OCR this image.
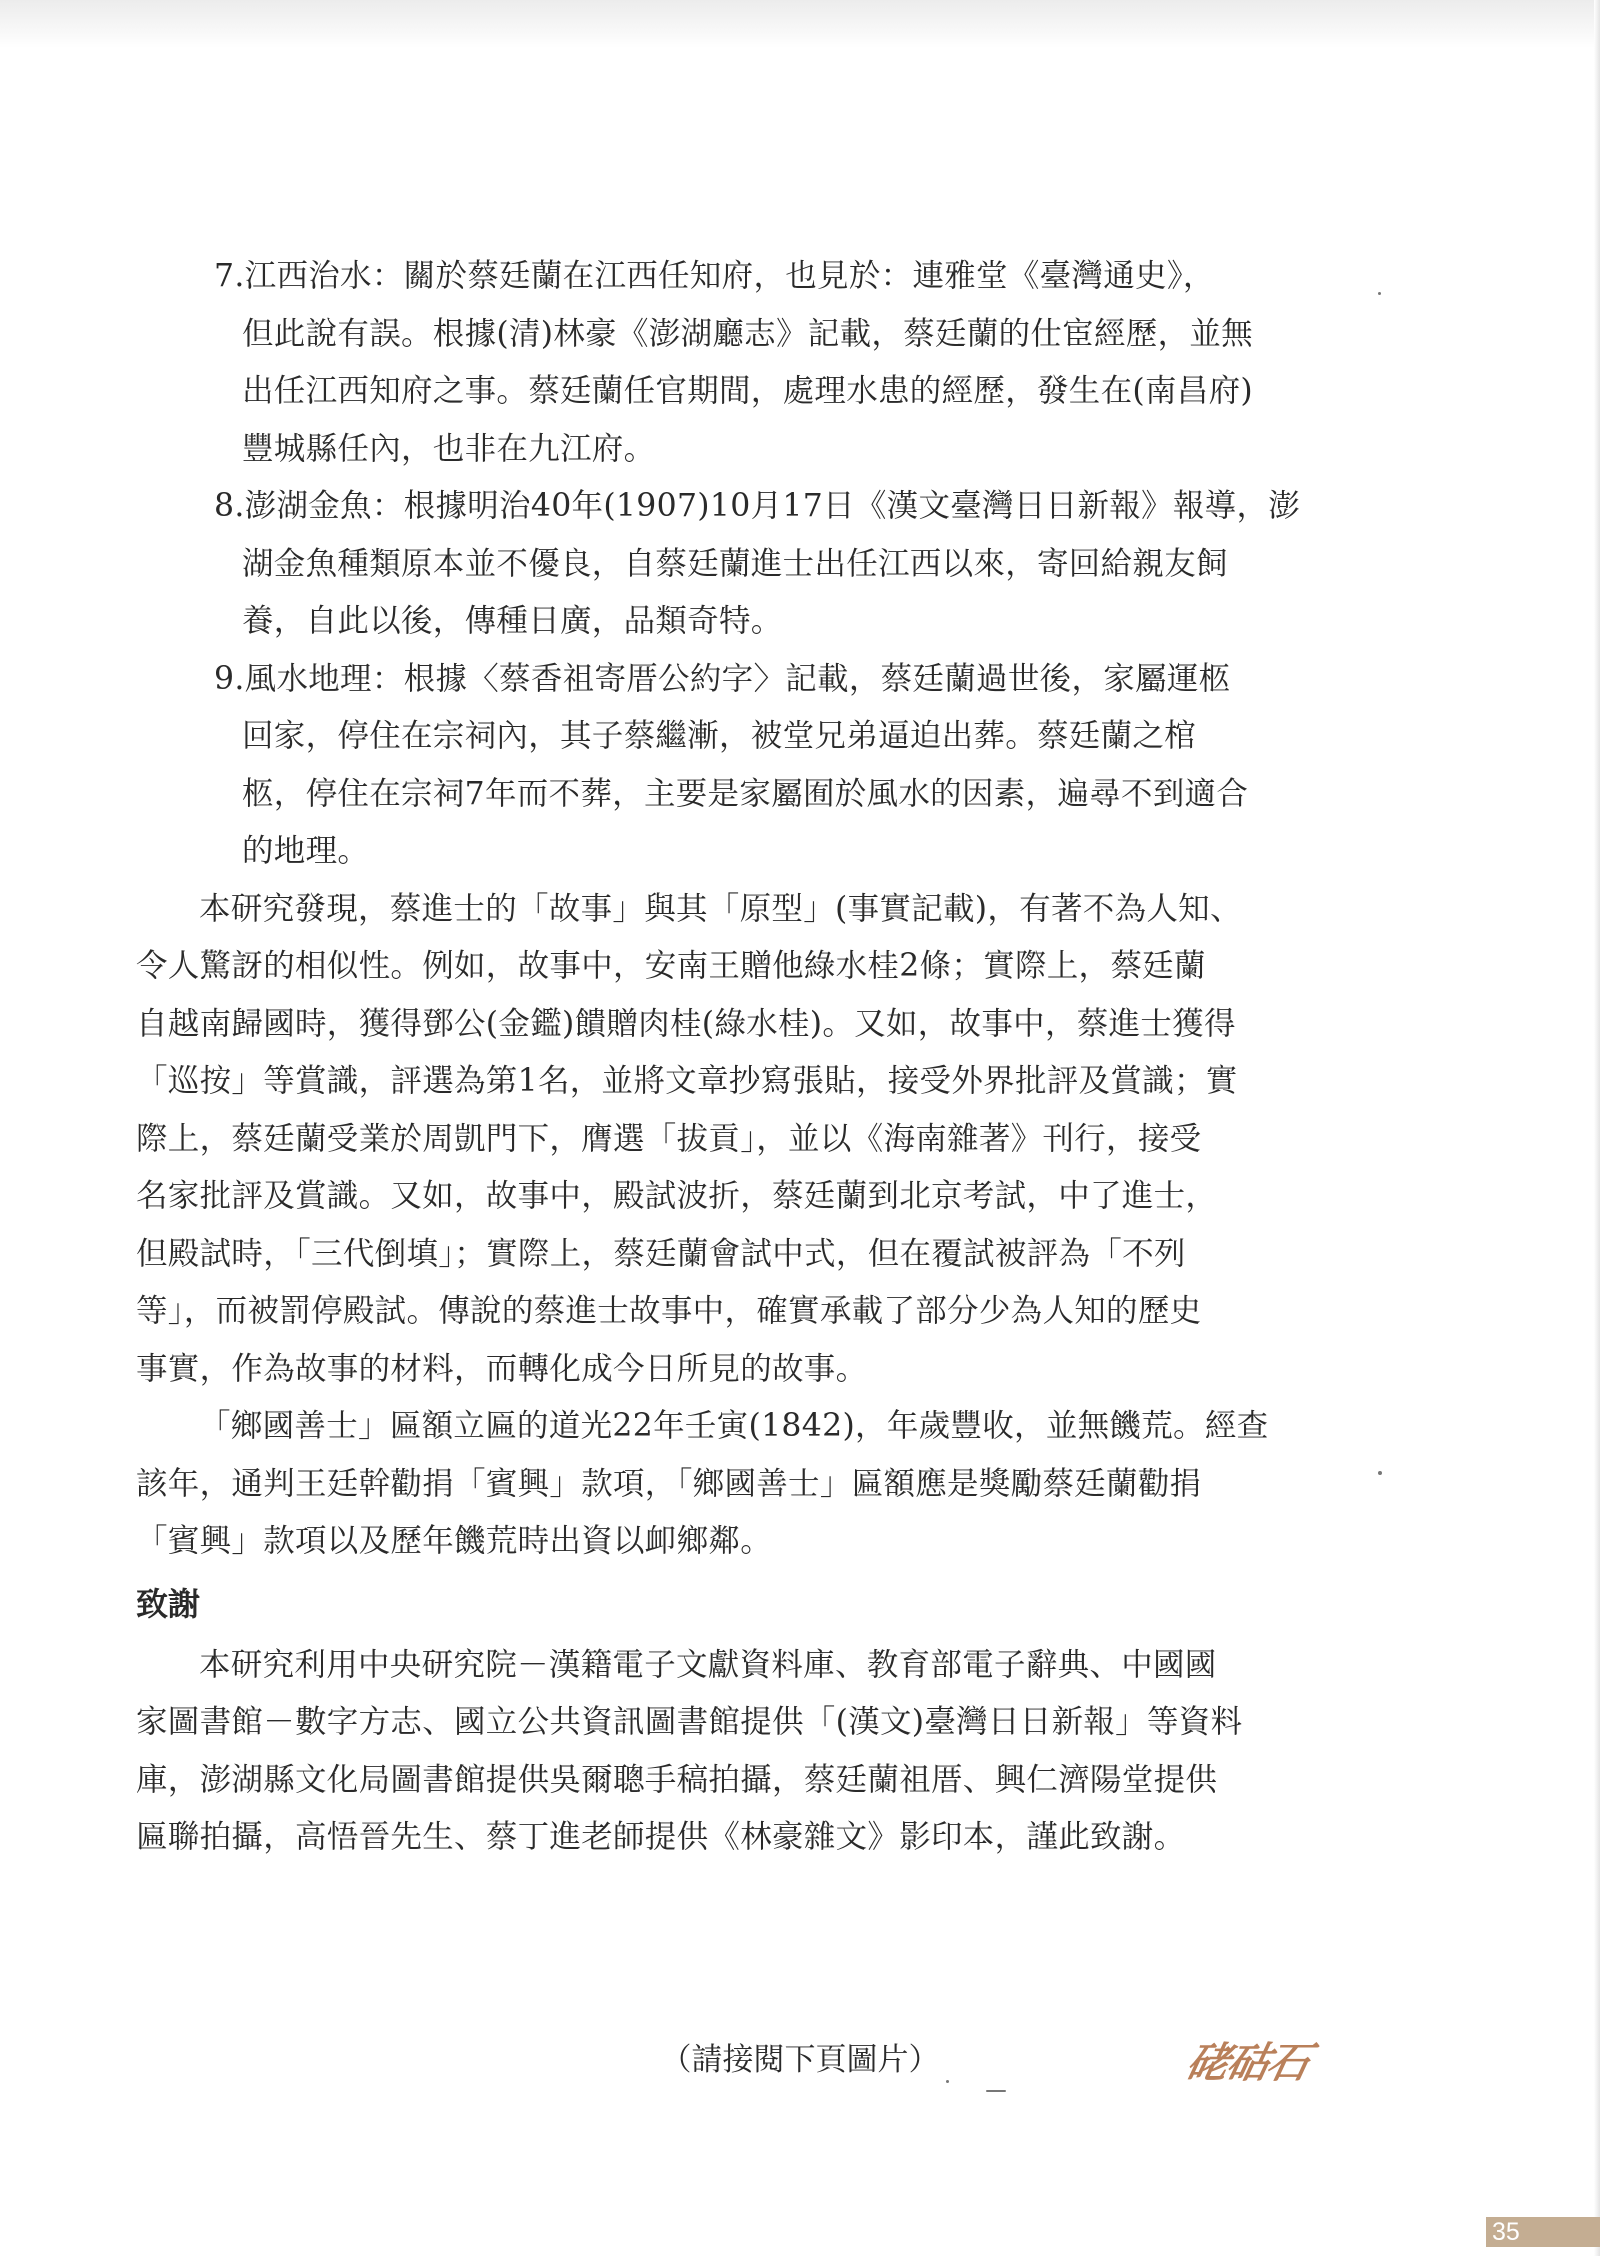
7.江西治水：關於蔡廷蘭在江西任知府，也見於：連雅堂《臺灣通史》，

但此說有誤。根據(清)林豪《澎湖廳志》記載，蔡廷蘭的仕宦經歷，並無

出任江西知府之事。蔡廷蘭任官期間，處理水患的經歷，發生在(南昌府)

豐城縣任內，也非在九江府。

8.澎湖金魚：根據明治40年(1907)10月17日《漢文臺灣日日新報》報導，澎

湖金魚種類原本並不優良，自蔡廷蘭進士出任江西以來，寄回給親友飼

養，自此以後，傳種日廣，品類奇特。

9.風水地理：根據〈蔡香祖寄厝公約字〉記載，蔡廷蘭過世後，家屬運柩

回家，停住在宗祠內，其子蔡繼漸，被堂兄弟逼迫出葬。蔡廷蘭之棺

柩，停住在宗祠7年而不葬，主要是家屬囿於風水的因素，遍尋不到適合

的地理。

本研究發現，蔡進士的「故事」與其「原型」(事實記載)，有著不為人知、

令人驚訝的相似性。例如，故事中，安南王贈他綠水桂2條；實際上，蔡廷蘭

自越南歸國時，獲得鄧公(金鑑)饋贈肉桂(綠水桂)。又如，故事中，蔡進士獲得

「巡按」等賞識，評選為第1名，並將文章抄寫張貼，接受外界批評及賞識；實

際上，蔡廷蘭受業於周凱門下，膺選「拔貢」，並以《海南雜著》刊行，接受

名家批評及賞識。又如，故事中，殿試波折，蔡廷蘭到北京考試，中了進士，

但殿試時，「三代倒填」；實際上，蔡廷蘭會試中式，但在覆試被評為「不列

等」，而被罰停殿試。傳說的蔡進士故事中，確實承載了部分少為人知的歷史

事實，作為故事的材料，而轉化成今日所見的故事。

「鄉國善士」匾額立匾的道光22年壬寅(1842)，年歲豐收，並無饑荒。經查

該年，通判王廷幹勸捐「賓興」款項，「鄉國善士」匾額應是獎勵蔡廷蘭勸捐

「賓興」款項以及歷年饑荒時出資以卹鄉鄰。

致謝

本研究利用中央研究院－漢籍電子文獻資料庫、教育部電子辭典、中國國

家圖書館－數字方志、國立公共資訊圖書館提供「(漢文)臺灣日日新報」等資料

庫，澎湖縣文化局圖書館提供吳爾聰手稿拍攝，蔡廷蘭祖厝、興仁濟陽堂提供

匾聯拍攝，高悟晉先生、蔡丁進老師提供《林豪雜文》影印本，謹此致謝。

（請接閱下頁圖片）	硓𥑮石
35
